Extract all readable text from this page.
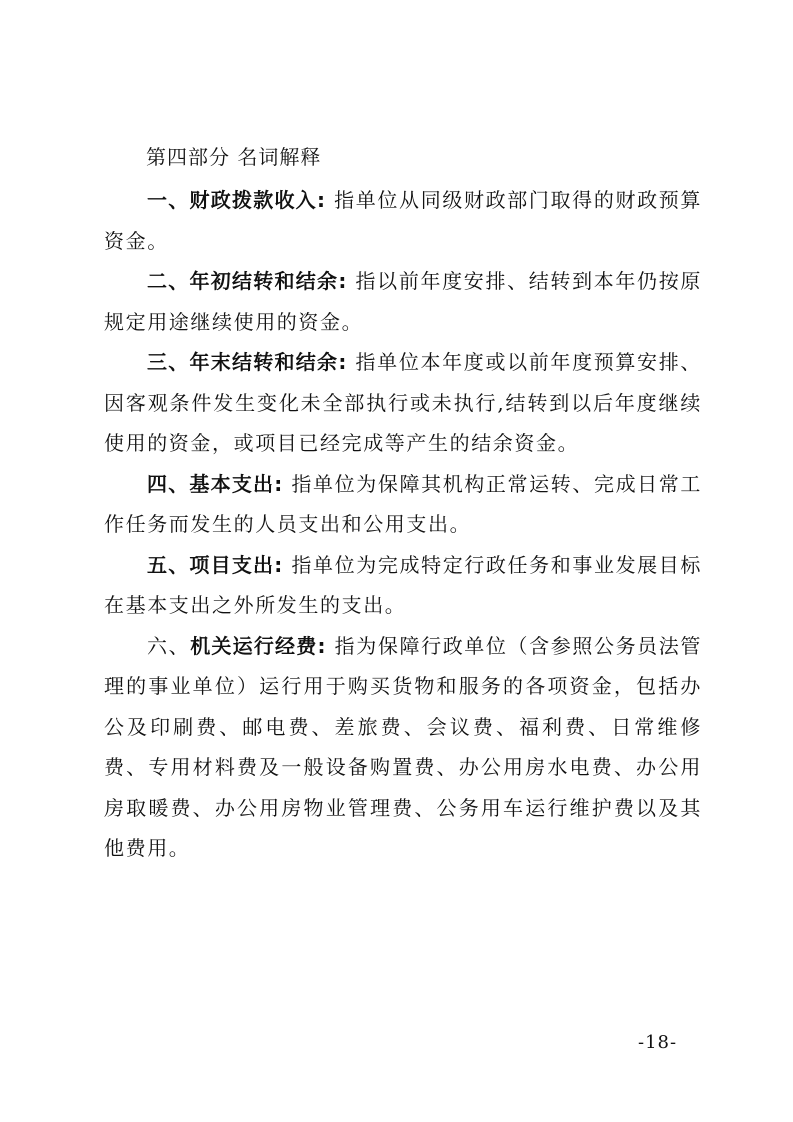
第四部分 名词解释

一、财政拨款收入: 指单位从同级财政部门取得的财政预算资金。

二、年初结转和结余: 指以前年度安排、结转到本年仍按原规定用途继续使用的资金。

三、年末结转和结余: 指单位本年度或以前年度预算安排、因客观条件发生变化未全部执行或未执行,结转到以后年度继续使用的资金，或项目已经完成等产生的结余资金。

四、基本支出: 指单位为保障其机构正常运转、完成日常工作任务而发生的人员支出和公用支出。

五、项目支出: 指单位为完成特定行政任务和事业发展目标在基本支出之外所发生的支出。

六、机关运行经费: 指为保障行政单位（含参照公务员法管理的事业单位）运行用于购买货物和服务的各项资金，包括办公及印刷费、邮电费、差旅费、会议费、福利费、日常维修费、专用材料费及一般设备购置费、办公用房水电费、办公用房取暖费、办公用房物业管理费、公务用车运行维护费以及其他费用。

-18-
